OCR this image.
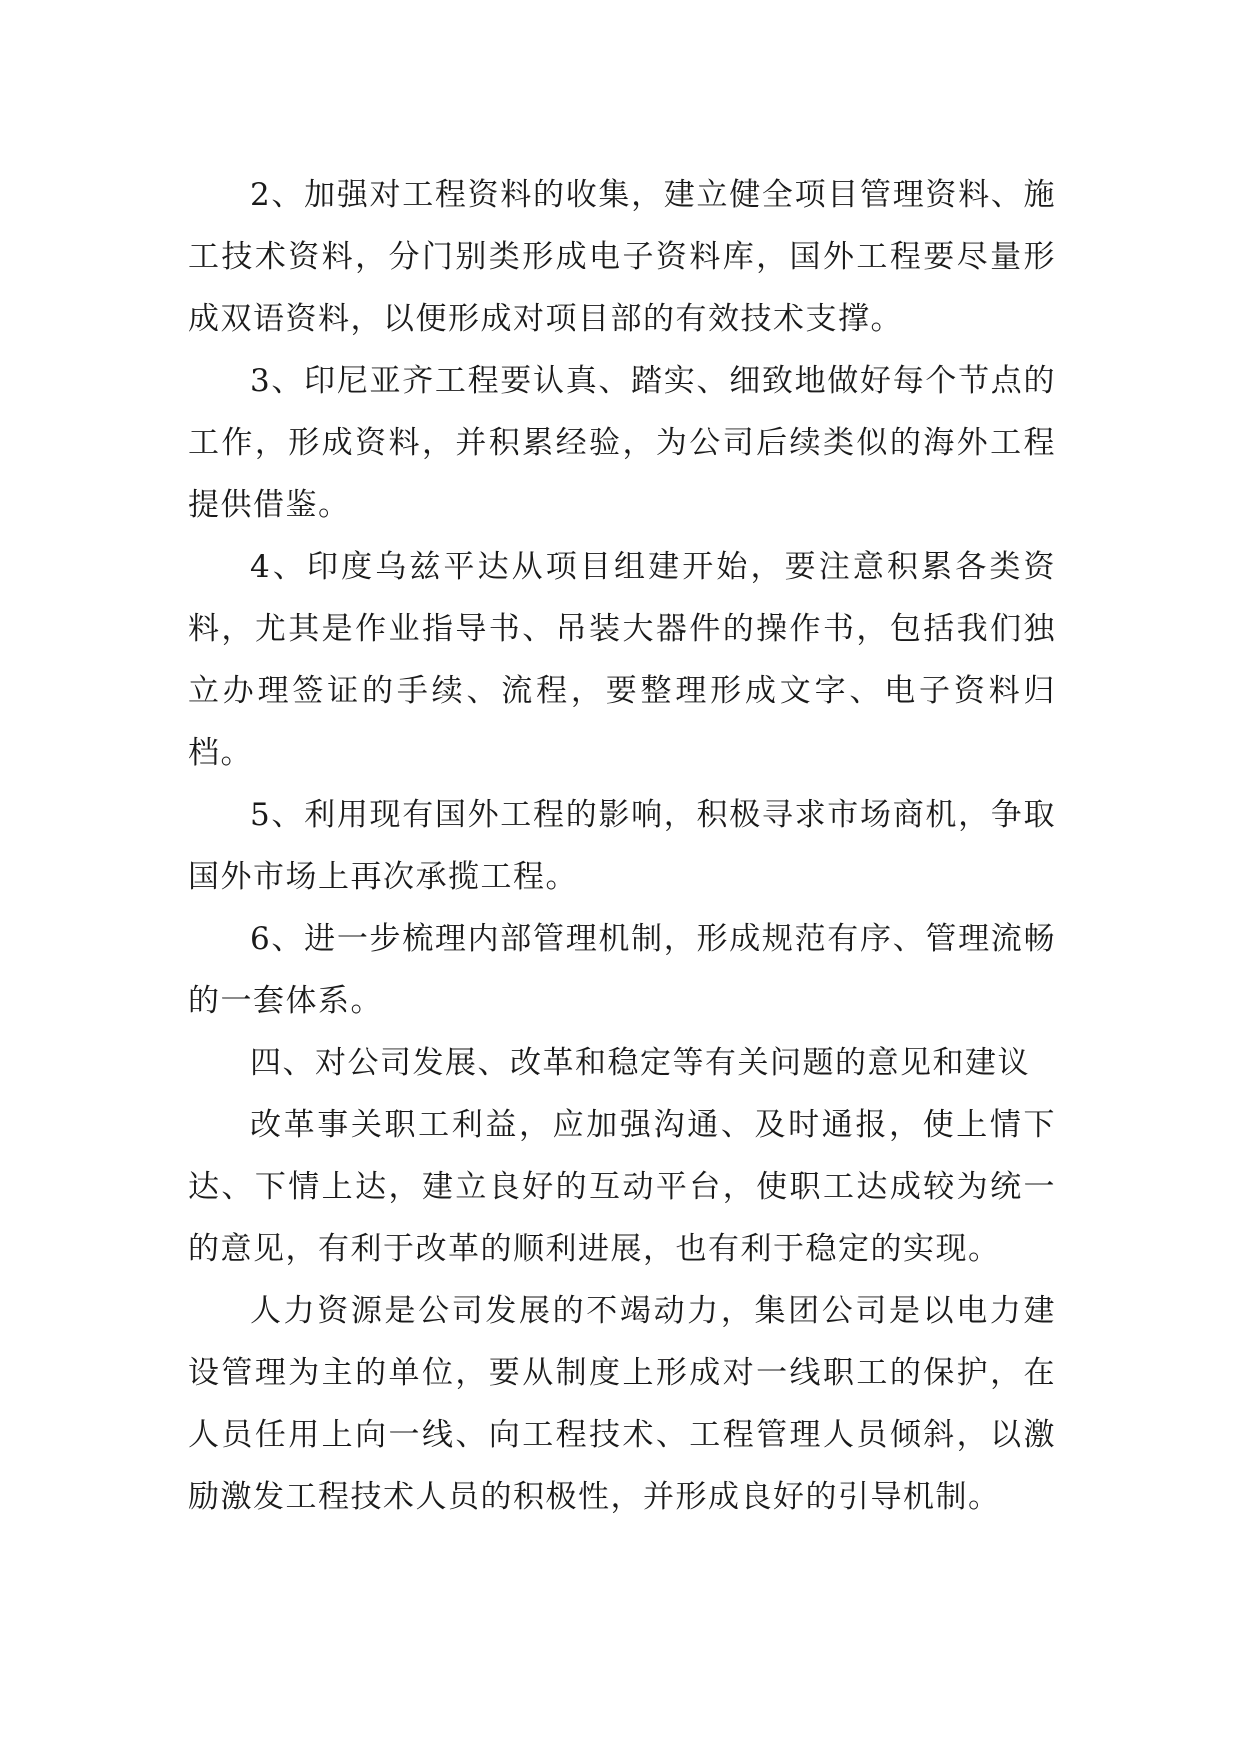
2、加强对工程资料的收集，建立健全项目管理资料、施工技术资料，分门别类形成电子资料库，国外工程要尽量形成双语资料，以便形成对项目部的有效技术支撑。

3、印尼亚齐工程要认真、踏实、细致地做好每个节点的工作，形成资料，并积累经验，为公司后续类似的海外工程提供借鉴。

4、印度乌兹平达从项目组建开始，要注意积累各类资料，尤其是作业指导书、吊装大器件的操作书，包括我们独立办理签证的手续、流程，要整理形成文字、电子资料归档。

5、利用现有国外工程的影响，积极寻求市场商机，争取国外市场上再次承揽工程。

6、进一步梳理内部管理机制，形成规范有序、管理流畅的一套体系。

四、对公司发展、改革和稳定等有关问题的意见和建议

改革事关职工利益，应加强沟通、及时通报，使上情下达、下情上达，建立良好的互动平台，使职工达成较为统一的意见，有利于改革的顺利进展，也有利于稳定的实现。

人力资源是公司发展的不竭动力，集团公司是以电力建设管理为主的单位，要从制度上形成对一线职工的保护，在人员任用上向一线、向工程技术、工程管理人员倾斜，以激励激发工程技术人员的积极性，并形成良好的引导机制。
